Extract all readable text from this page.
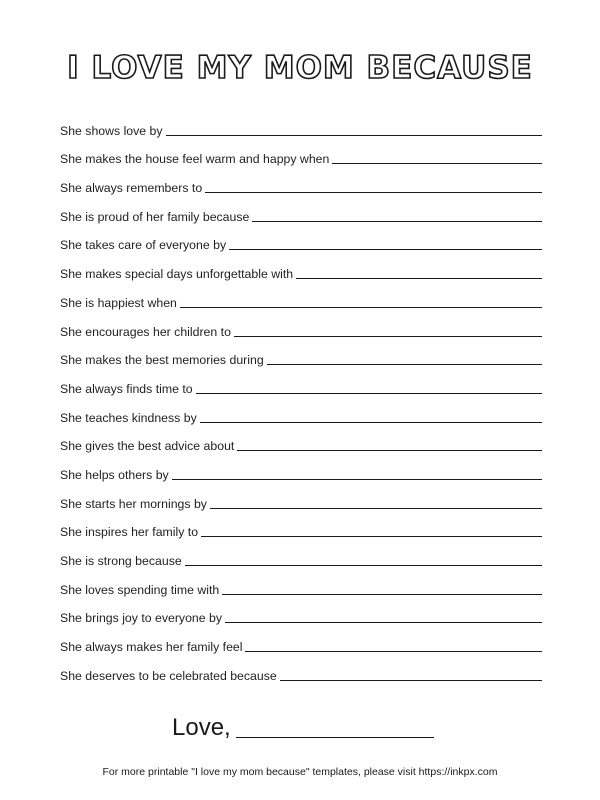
I LOVE MY MOM BECAUSE
She shows love by
She makes the house feel warm and happy when
She always remembers to
She is proud of her family because
She takes care of everyone by
She makes special days unforgettable with
She is happiest when
She encourages her children to
She makes the best memories during
She always finds time to
She teaches kindness by
She gives the best advice about
She helps others by
She starts her mornings by
She inspires her family to
She is strong because
She loves spending time with
She brings joy to everyone by
She always makes her family feel
She deserves to be celebrated because
Love,
For more printable "I love my mom because" templates, please visit https://inkpx.com
